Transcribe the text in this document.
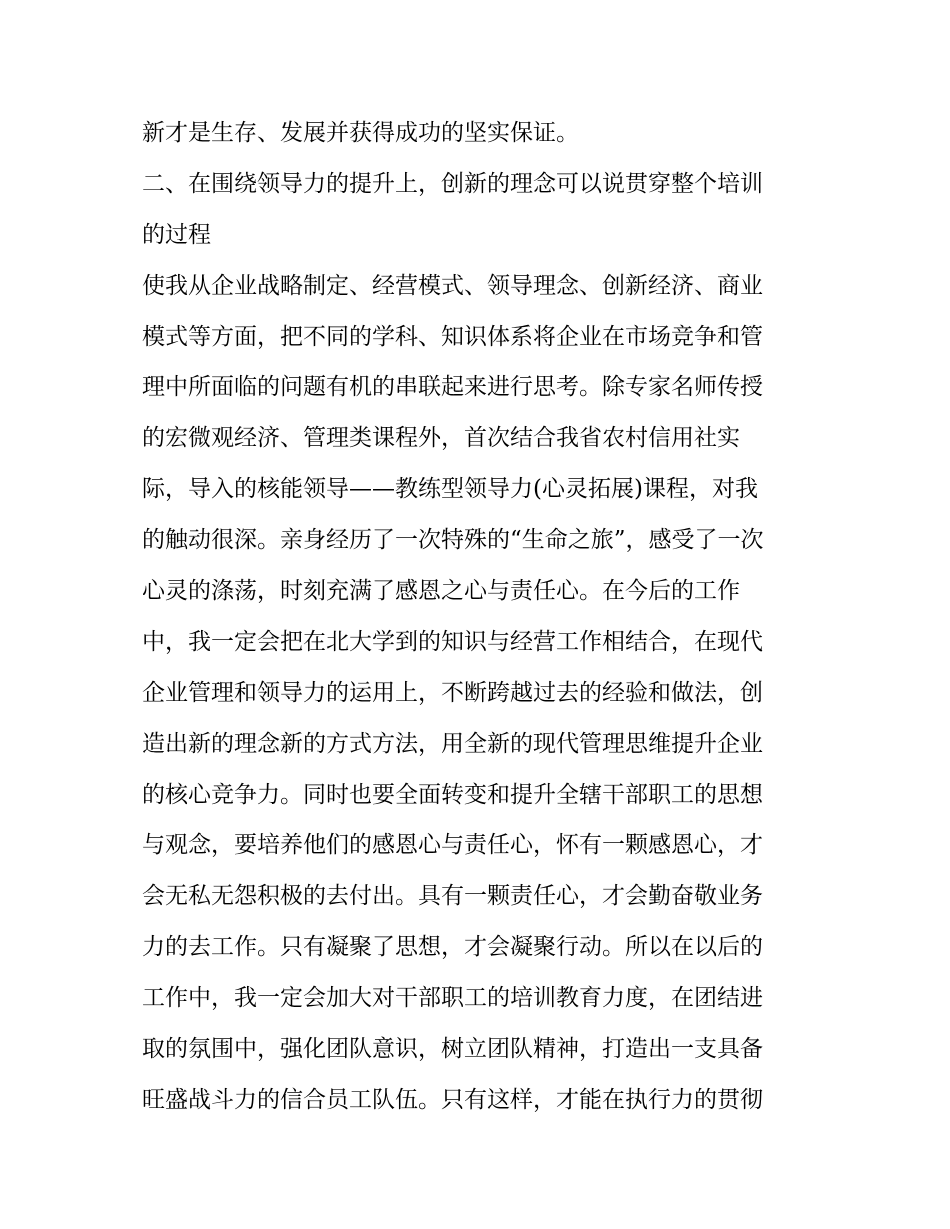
新才是生存、发展并获得成功的坚实保证。
二、在围绕领导力的提升上，创新的理念可以说贯穿整个培训
的过程
使我从企业战略制定、经营模式、领导理念、创新经济、商业
模式等方面，把不同的学科、知识体系将企业在市场竞争和管
理中所面临的问题有机的串联起来进行思考。除专家名师传授
的宏微观经济、管理类课程外，首次结合我省农村信用社实
际，导入的核能领导——教练型领导力(心灵拓展)课程，对我
的触动很深。亲身经历了一次特殊的“生命之旅”，感受了一次
心灵的涤荡，时刻充满了感恩之心与责任心。在今后的工作
中，我一定会把在北大学到的知识与经营工作相结合，在现代
企业管理和领导力的运用上，不断跨越过去的经验和做法，创
造出新的理念新的方式方法，用全新的现代管理思维提升企业
的核心竞争力。同时也要全面转变和提升全辖干部职工的思想
与观念，要培养他们的感恩心与责任心，怀有一颗感恩心，才
会无私无怨积极的去付出。具有一颗责任心，才会勤奋敬业务
力的去工作。只有凝聚了思想，才会凝聚行动。所以在以后的
工作中，我一定会加大对干部职工的培训教育力度，在团结进
取的氛围中，强化团队意识，树立团队精神，打造出一支具备
旺盛战斗力的信合员工队伍。只有这样，才能在执行力的贯彻
